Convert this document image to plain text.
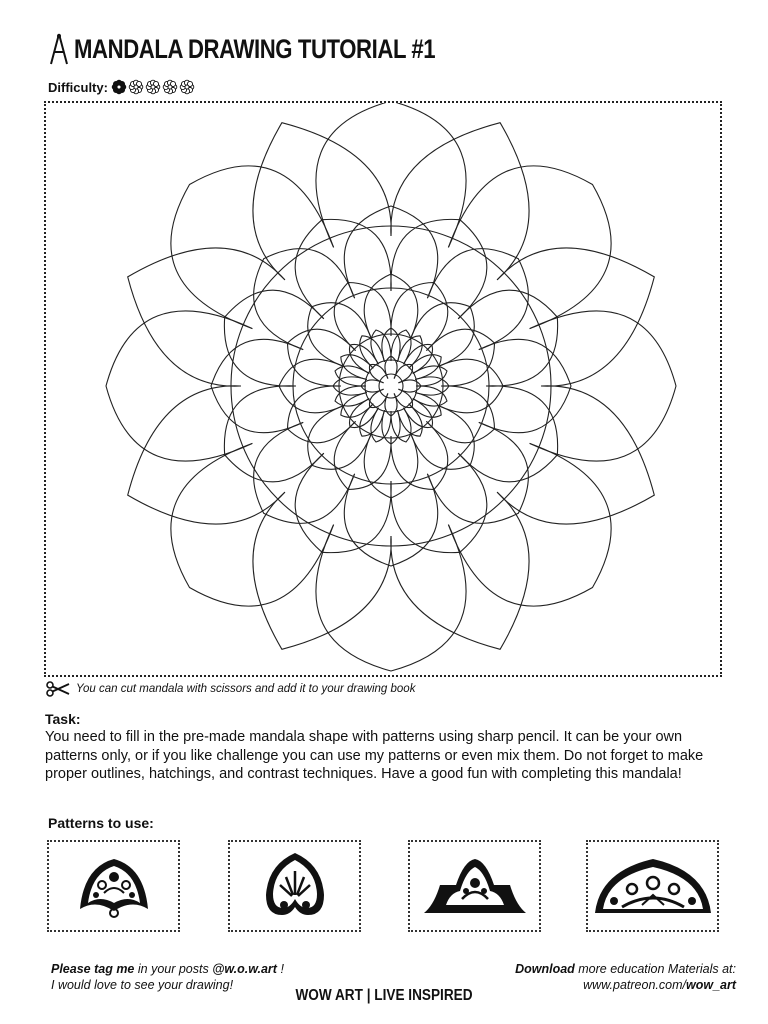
MANDALA DRAWING TUTORIAL #1
Difficulty:
You can cut mandala with scissors and add it to your drawing book
Task:
You need to fill in the pre-made mandala shape with patterns using sharp pencil. It can be your own patterns only, or if you like challenge you can use my patterns or even mix them. Do not forget to make proper outlines, hatchings, and contrast techniques. Have a good fun with completing this mandala!
Patterns to use:
Please tag me in your posts @w.o.w.art !
I would love to see your drawing!
Download more education Materials at:
www.patreon.com/wow_art
WOW ART | LIVE INSPIRED
